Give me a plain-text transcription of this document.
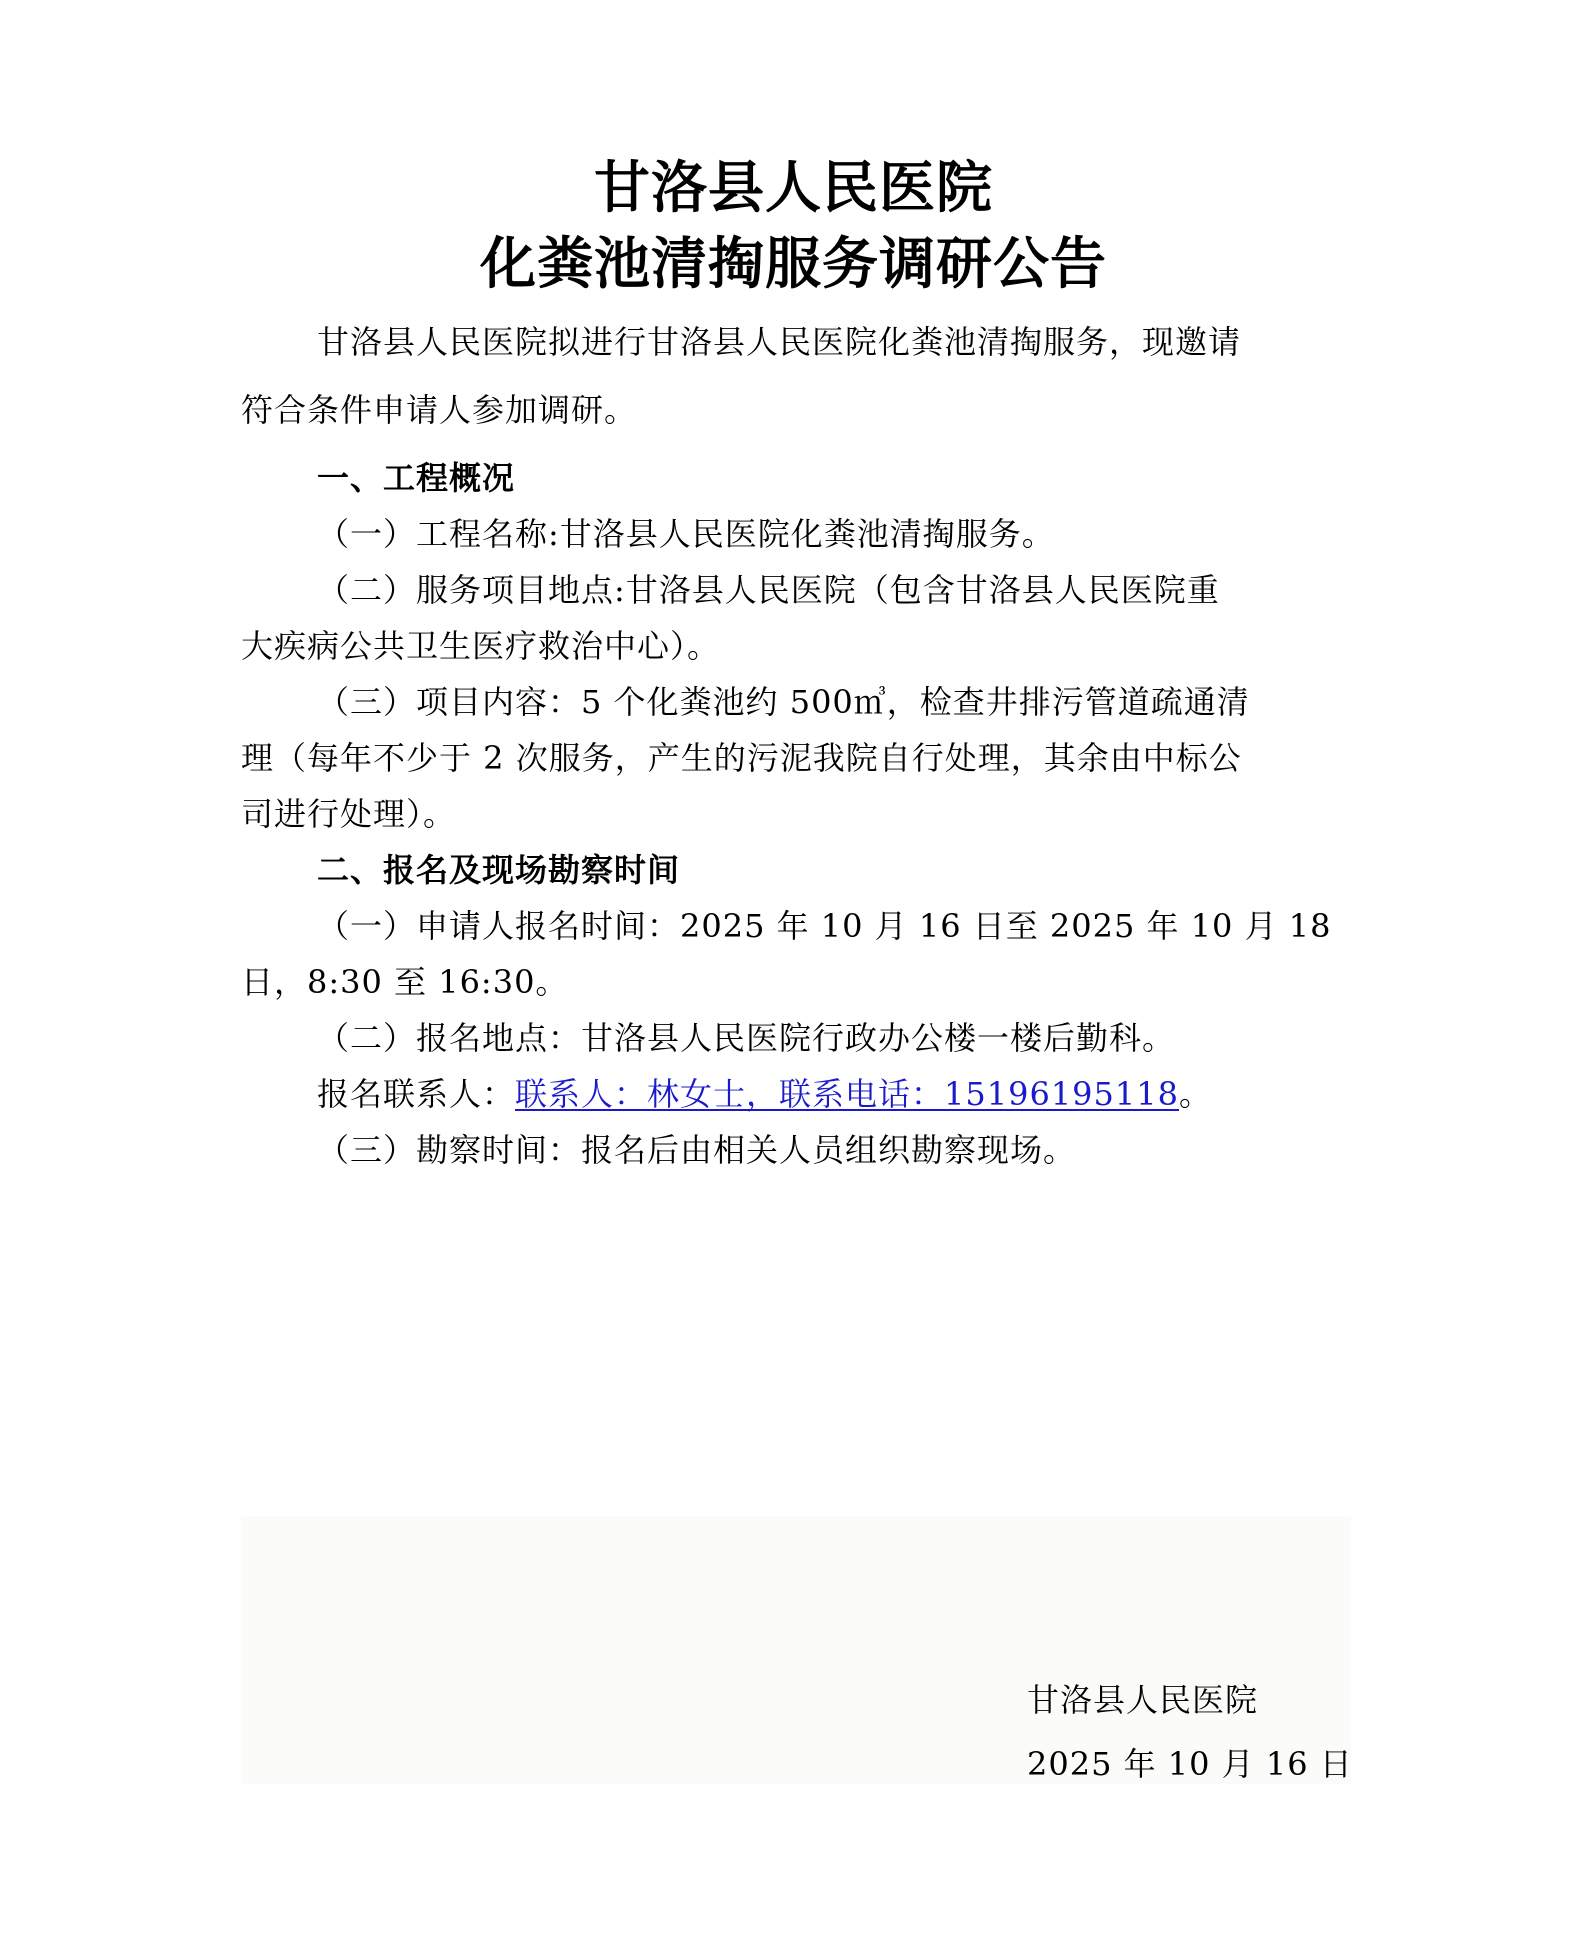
甘洛县人民医院
化粪池清掏服务调研公告
甘洛县人民医院拟进行甘洛县人民医院化粪池清掏服务，现邀请
符合条件申请人参加调研。
一、工程概况
（一）工程名称:甘洛县人民医院化粪池清掏服务。
（二）服务项目地点:甘洛县人民医院（包含甘洛县人民医院重
大疾病公共卫生医疗救治中心）。
（三）项目内容：5 个化粪池约 500㎥，检查井排污管道疏通清
理（每年不少于 2 次服务，产生的污泥我院自行处理，其余由中标公
司进行处理）。
二、报名及现场勘察时间
（一）申请人报名时间：2025 年 10 月 16 日至 2025 年 10 月 18
日，8:30 至 16:30。
（二）报名地点：甘洛县人民医院行政办公楼一楼后勤科。
报名联系人：联系人：林女士，联系电话：15196195118。
（三）勘察时间：报名后由相关人员组织勘察现场。
甘洛县人民医院
2025 年 10 月 16 日
